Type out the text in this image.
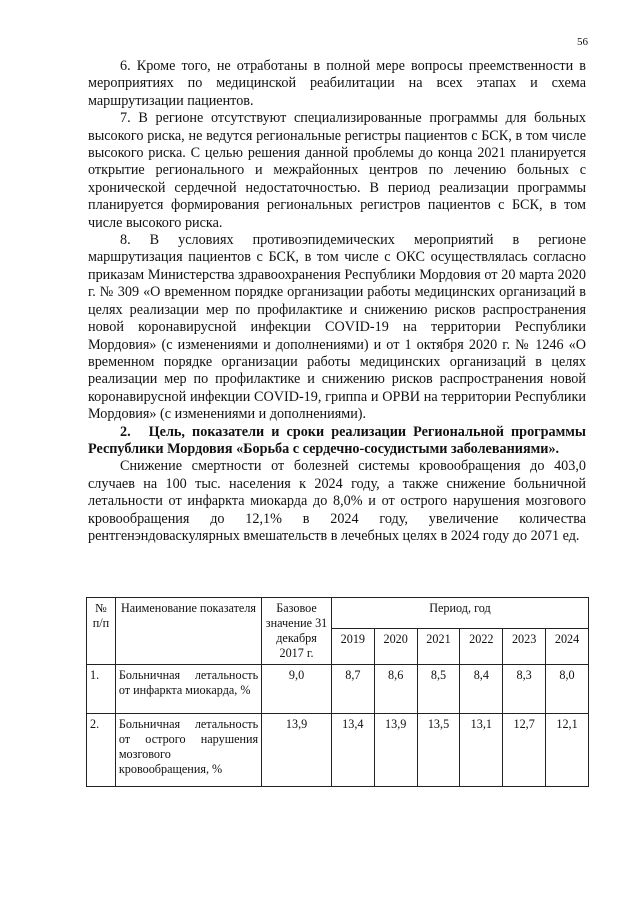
56

6. Кроме того, не отработаны в полной мере вопросы преемственности в мероприятиях по медицинской реабилитации на всех этапах и схема маршрутизации пациентов.

7. В регионе отсутствуют специализированные программы для больных высокого риска, не ведутся региональные регистры пациентов с БСК, в том числе высокого риска. С целью решения данной проблемы до конца 2021 планируется открытие регионального и межрайонных центров по лечению больных с хронической сердечной недостаточностью. В период реализации программы планируется формирования региональных регистров пациентов с БСК, в том числе высокого риска.

8. В условиях противоэпидемических мероприятий в регионе маршрутизация пациентов с БСК, в том числе с ОКС осуществлялась согласно приказам Министерства здравоохранения Республики Мордовия от 20 марта 2020 г. № 309 «О временном порядке организации работы медицинских организаций в целях реализации мер по профилактике и снижению рисков распространения новой коронавирусной инфекции COVID-19 на территории Республики Мордовия» (с изменениями и дополнениями) и от 1 октября 2020 г. № 1246 «О временном порядке организации работы медицинских организаций в целях реализации мер по профилактике и снижению рисков распространения новой коронавирусной инфекции COVID-19, гриппа и ОРВИ на территории Республики Мордовия» (с изменениями и дополнениями).

2. Цель, показатели и сроки реализации Региональной программы Республики Мордовия «Борьба с сердечно-сосудистыми заболеваниями».

Снижение смертности от болезней системы кровообращения до 403,0 случаев на 100 тыс. населения к 2024 году, а также снижение больничной летальности от инфаркта миокарда до 8,0% и от острого нарушения мозгового кровообращения до 12,1% в 2024 году, увеличение количества рентгенэндоваскулярных вмешательств в лечебных целях в 2024 году до 2071 ед.

№ п/п	Наименование показателя	Базовое значение 31 декабря 2017 г.	Период, год					
			2019	2020	2021	2022	2023	2024
1.	Больничная летальность от инфаркта миокарда, %	9,0	8,7	8,6	8,5	8,4	8,3	8,0
2.	Больничная летальность от острого нарушения мозгового кровообращения, %	13,9	13,4	13,9	13,5	13,1	12,7	12,1
